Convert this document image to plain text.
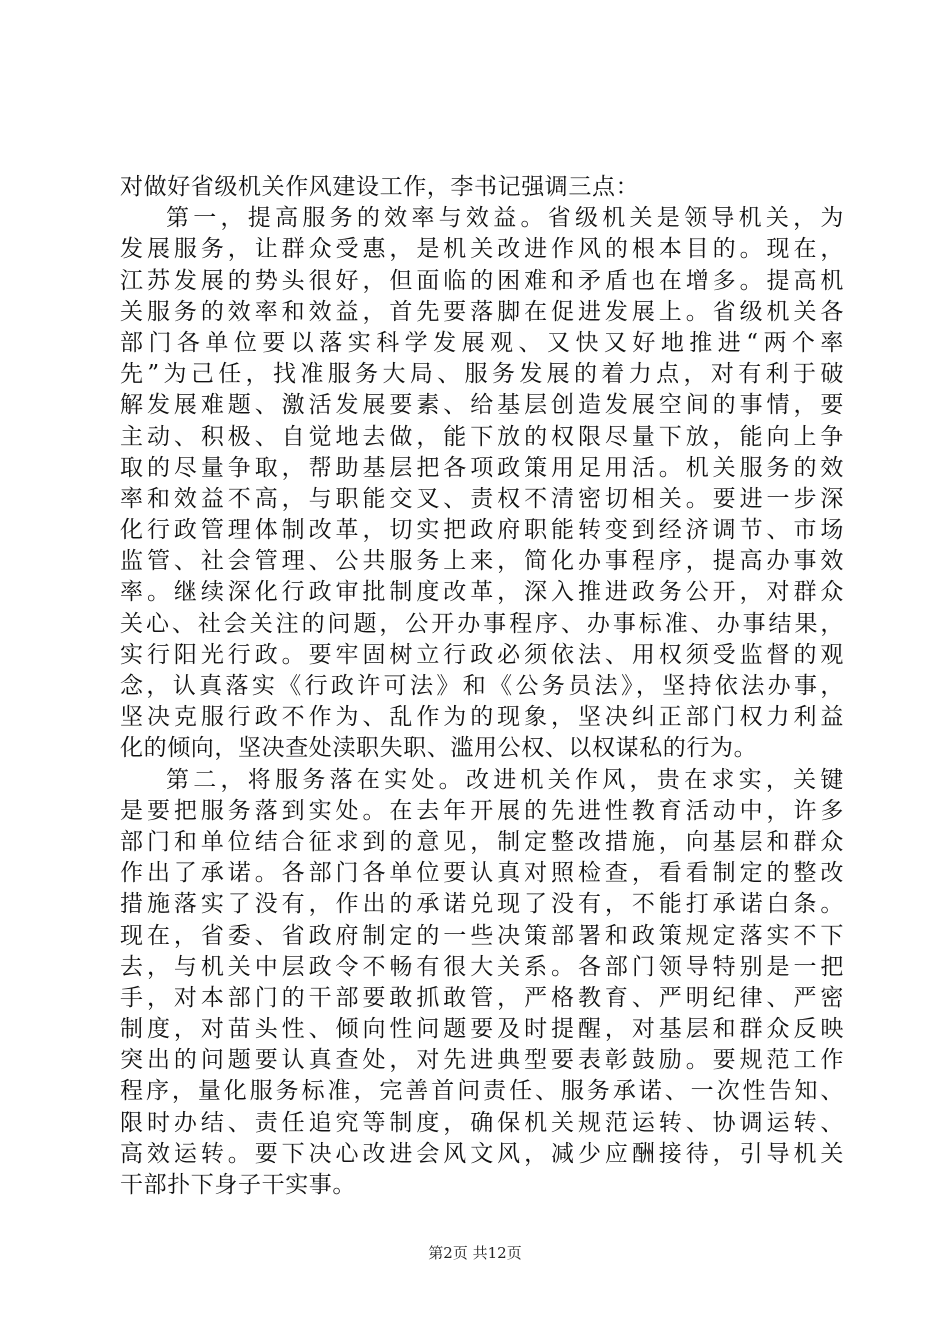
对做好省级机关作风建设工作，李书记强调三点：
第一，提高服务的效率与效益。省级机关是领导机关，为
发展服务，让群众受惠，是机关改进作风的根本目的。现在，
江苏发展的势头很好，但面临的困难和矛盾也在增多。提高机
关服务的效率和效益，首先要落脚在促进发展上。省级机关各
部门各单位要以落实科学发展观、又快又好地推进“两个率
先”为己任，找准服务大局、服务发展的着力点，对有利于破
解发展难题、激活发展要素、给基层创造发展空间的事情，要
主动、积极、自觉地去做，能下放的权限尽量下放，能向上争
取的尽量争取，帮助基层把各项政策用足用活。机关服务的效
率和效益不高，与职能交叉、责权不清密切相关。要进一步深
化行政管理体制改革，切实把政府职能转变到经济调节、市场
监管、社会管理、公共服务上来，简化办事程序，提高办事效
率。继续深化行政审批制度改革，深入推进政务公开，对群众
关心、社会关注的问题，公开办事程序、办事标准、办事结果，
实行阳光行政。要牢固树立行政必须依法、用权须受监督的观
念，认真落实《行政许可法》和《公务员法》，坚持依法办事，
坚决克服行政不作为、乱作为的现象，坚决纠正部门权力利益
化的倾向，坚决查处渎职失职、滥用公权、以权谋私的行为。
第二，将服务落在实处。改进机关作风，贵在求实，关键
是要把服务落到实处。在去年开展的先进性教育活动中，许多
部门和单位结合征求到的意见，制定整改措施，向基层和群众
作出了承诺。各部门各单位要认真对照检查，看看制定的整改
措施落实了没有，作出的承诺兑现了没有，不能打承诺白条。
现在，省委、省政府制定的一些决策部署和政策规定落实不下
去，与机关中层政令不畅有很大关系。各部门领导特别是一把
手，对本部门的干部要敢抓敢管，严格教育、严明纪律、严密
制度，对苗头性、倾向性问题要及时提醒，对基层和群众反映
突出的问题要认真查处，对先进典型要表彰鼓励。要规范工作
程序，量化服务标准，完善首问责任、服务承诺、一次性告知、
限时办结、责任追究等制度，确保机关规范运转、协调运转、
高效运转。要下决心改进会风文风，减少应酬接待，引导机关
干部扑下身子干实事。
第2页 共12页
